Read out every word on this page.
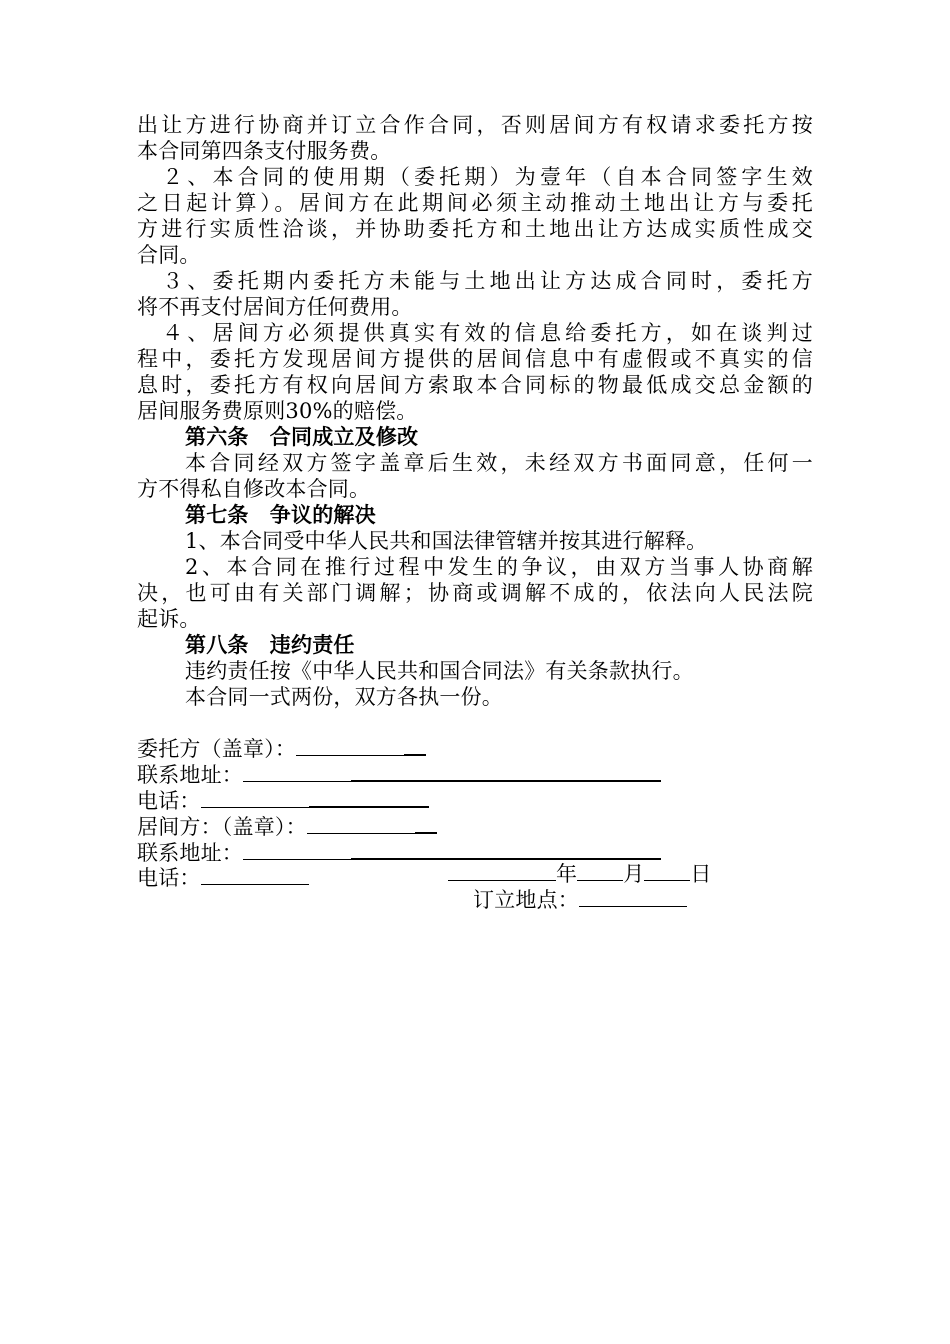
出让方进行协商并订立合作合同，否则居间方有权请求委托方按
本合同第四条支付服务费。
　２、本合同的使用期（委托期）为壹年（自本合同签字生效
之日起计算）。居间方在此期间必须主动推动土地出让方与委托
方进行实质性洽谈，并协助委托方和土地出让方达成实质性成交
合同。
　３、委托期内委托方未能与土地出让方达成合同时，委托方
将不再支付居间方任何费用。
　４、居间方必须提供真实有效的信息给委托方，如在谈判过
程中，委托方发现居间方提供的居间信息中有虚假或不真实的信
息时，委托方有权向居间方索取本合同标的物最低成交总金额的
居间服务费原则30%的赔偿。
第六条　合同成立及修改
本合同经双方签字盖章后生效，未经双方书面同意，任何一
方不得私自修改本合同。
第七条　争议的解决
1、本合同受中华人民共和国法律管辖并按其进行解释。
2、本合同在推行过程中发生的争议，由双方当事人协商解
决，也可由有关部门调解；协商或调解不成的，依法向人民法院
起诉。
第八条　违约责任
违约责任按《中华人民共和国合同法》有关条款执行。
本合同一式两份，双方各执一份。
委托方（盖章）：
联系地址：
电话：
居间方：（盖章）：
联系地址：
电话：	年 月 日
订立地点：
